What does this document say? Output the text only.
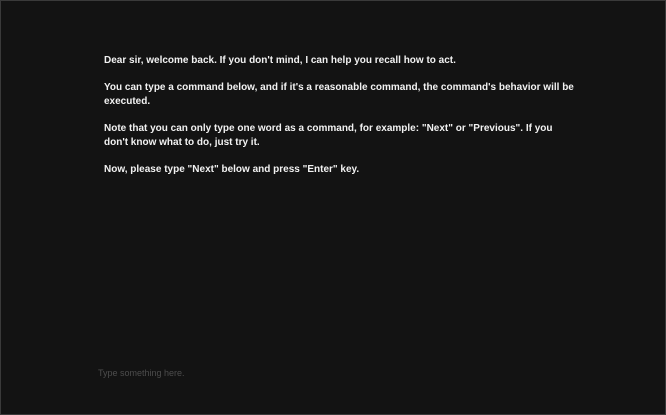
Dear sir, welcome back. If you don't mind, I can help you recall how to act.

You can type a command below, and if it's a reasonable command, the command's behavior will be executed.

Note that you can only type one word as a command, for example: "Next" or "Previous". If you don't know what to do, just try it.

Now, please type "Next" below and press "Enter" key.

Type something here.
